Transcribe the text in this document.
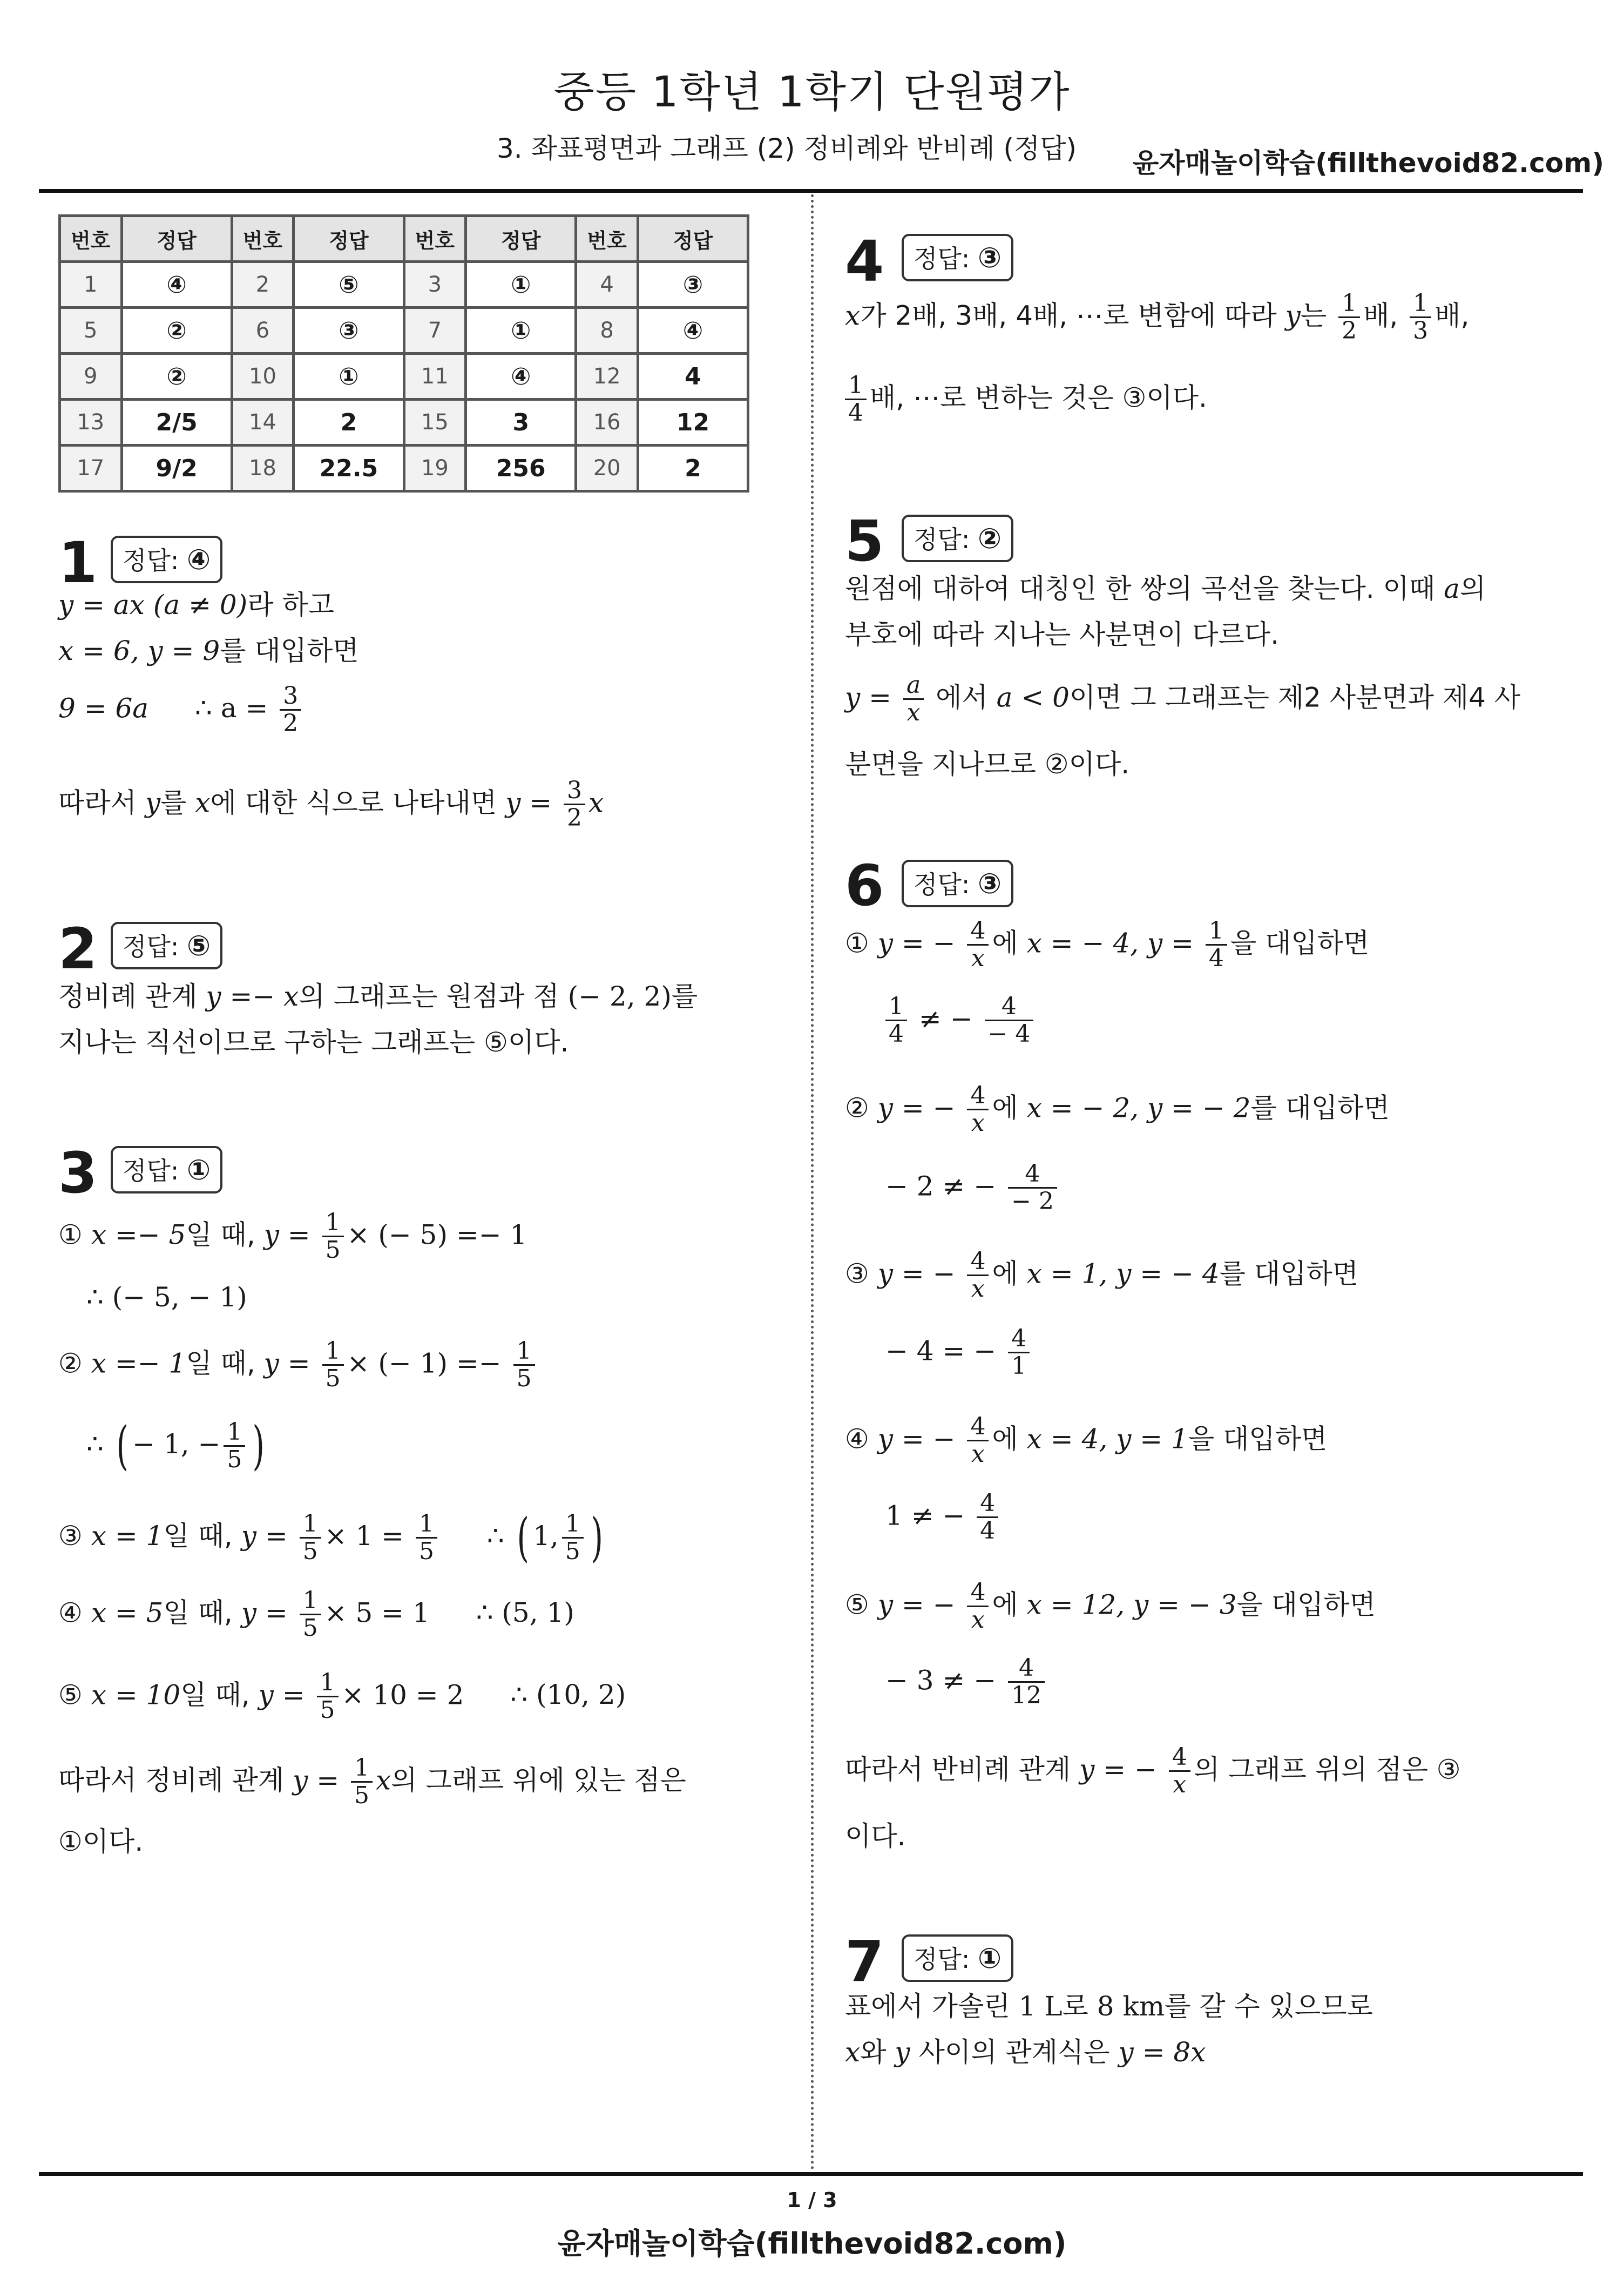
중등 1학년 1학기 단원평가
3. 좌표평면과 그래프 (2) 정비례와 반비례 (정답) 윤자매놀이학습(fillthevoid82.com)
번호	정답	번호	정답	번호	정답	번호	정답
1	④	2	⑤	3	①	4	③
5	②	6	③	7	①	8	④
9	②	10	①	11	④	12	4
13	2/5	14	2	15	3	16	12
17	9/2	18	22.5	19	256	20	2
1	정답: ④
y = ax (a ≠ 0)라 하고
x = 6, y = 9를 대입하면
9 = 6a ∴ $a = \frac{3}{2}$
따라서 y를 x에 대한 식으로 나타내면 $y = \frac{3}{2}$ x
2	정답: ⑤
정비례 관계 y =− x의 그래프는 원점과 점 (− 2, 2)를
지나는 직선이므로 구하는 그래프는 ⑤이다.
3	정답: ①
① x =− 5일 때, $y = \frac{1}{5}$ × (− 5) =− 1
∴ (− 5, − 1)
② x =− 1일 때, $y = \frac{1}{5}$ × (− $1) =- \frac{1}{5}$
∴ ( − 1, − $\frac{1}{5}$ )
③ x = 1일 때, $y = \frac{1}{5} \times 1 = \frac{1}{5}$ ∴ ( 1, $\frac{1}{5}$ )
④ x = 5일 때, $y = \frac{1}{5} \times 5 = 1$ ∴ (5, 1)
⑤ x = 10일 때, $y = \frac{1}{5} \times 10 = 2$ ∴ (10, 2)
따라서 정비례 관계 $y = \frac{1}{5}$ x의 그래프 위에 있는 점은
①이다.
4	정답: ③
x가 2배, 3배, 4배, ⋯로 변함에 따라 y는 $\frac{1}{2}$ 배, $\frac{1}{3}$ 배,
$\frac{1}{4}$ 배, ⋯로 변하는 것은 ③이다.
5	정답: ②
원점에 대하여 대칭인 한 쌍의 곡선을 찾는다. 이때 a의
부호에 따라 지나는 사분면이 다르다.
$y = \frac{a}{x}$ 에서 a < 0이면 그 그래프는 제2 사분면과 제4 사
분면을 지나므로 ②이다.
6	정답: ③
① y = − $\frac{4}{x}$ 에 x = − 4, $y = \frac{1}{4}$ 을 대입하면
$\frac{1}{4}$ ≠ − $\frac{4}{- 4}$
② y = − $\frac{4}{x}$ 에 x = − 2, y = − 2를 대입하면
− 2 ≠ − $\frac{4}{- 2}$
③ y = − $\frac{4}{x}$ 에 x = 1, y = − 4를 대입하면
− 4 = − $\frac{4}{1}$
④ y = − $\frac{4}{x}$ 에 x = 4, y = 1을 대입하면
1 ≠ − $\frac{4}{4}$
⑤ y = − $\frac{4}{x}$ 에 x = 12, y = − 3을 대입하면
− 3 ≠ − $\frac{4}{12}$
따라서 반비례 관계 y = − $\frac{4}{x}$ 의 그래프 위의 점은 ③
이다.
7	정답: ①
표에서 가솔린 1 L로 8 km를 갈 수 있으므로
x와 y 사이의 관계식은 y = 8x
1 / 3
윤자매놀이학습(fillthevoid82.com)
